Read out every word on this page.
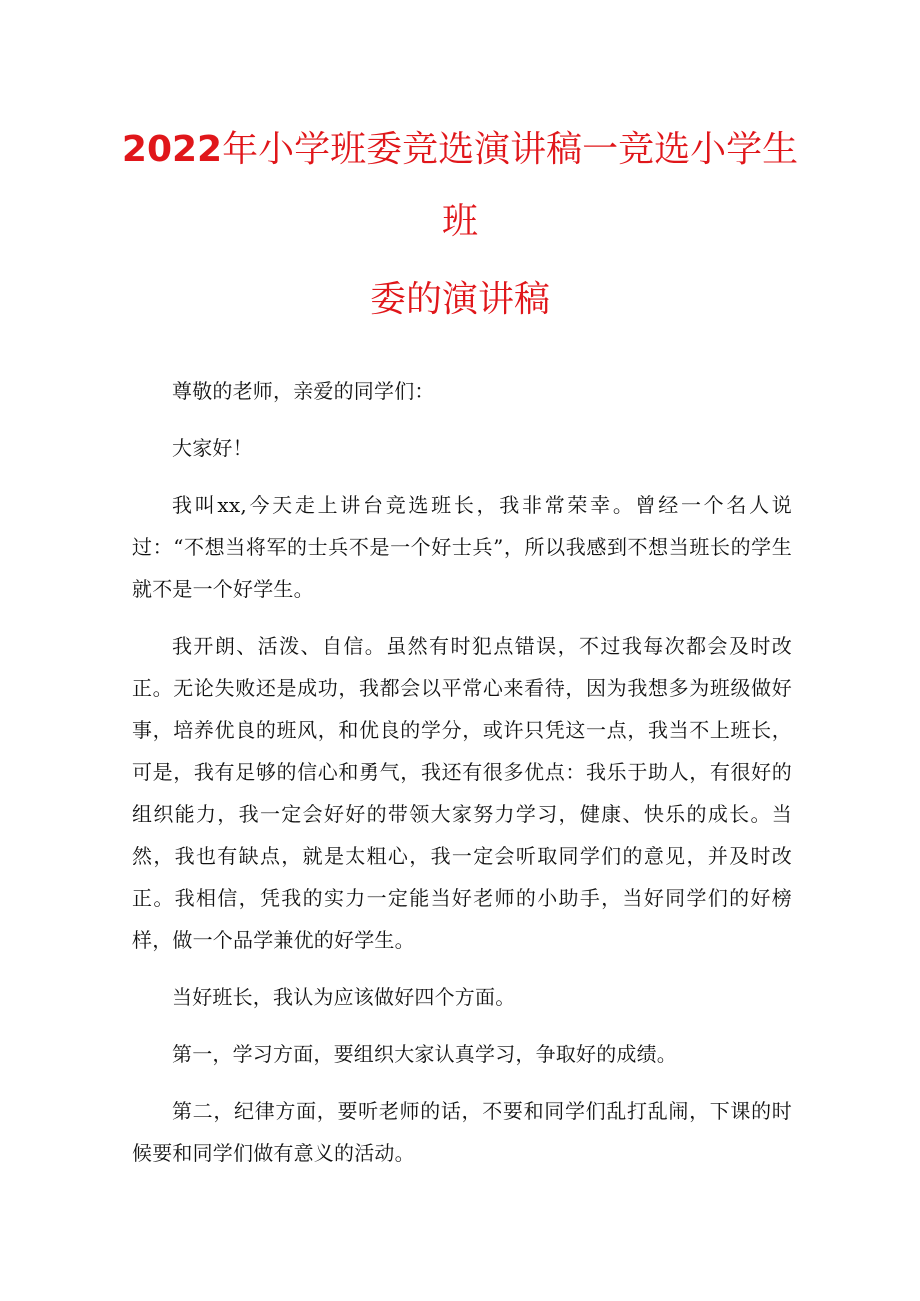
2022年小学班委竞选演讲稿一竞选小学生
班
委的演讲稿

尊敬的老师，亲爱的同学们：

大家好！

我叫xx,今天走上讲台竞选班长，我非常荣幸。曾经一个名人说过：“不想当将军的士兵不是一个好士兵”，所以我感到不想当班长的学生就不是一个好学生。

我开朗、活泼、自信。虽然有时犯点错误，不过我每次都会及时改正。无论失败还是成功，我都会以平常心来看待，因为我想多为班级做好事，培养优良的班风，和优良的学分，或许只凭这一点，我当不上班长，可是，我有足够的信心和勇气，我还有很多优点：我乐于助人，有很好的组织能力，我一定会好好的带领大家努力学习，健康、快乐的成长。当然，我也有缺点，就是太粗心，我一定会听取同学们的意见，并及时改正。我相信，凭我的实力一定能当好老师的小助手，当好同学们的好榜样，做一个品学兼优的好学生。

当好班长，我认为应该做好四个方面。

第一，学习方面，要组织大家认真学习，争取好的成绩。

第二，纪律方面，要听老师的话，不要和同学们乱打乱闹，下课的时候要和同学们做有意义的活动。
